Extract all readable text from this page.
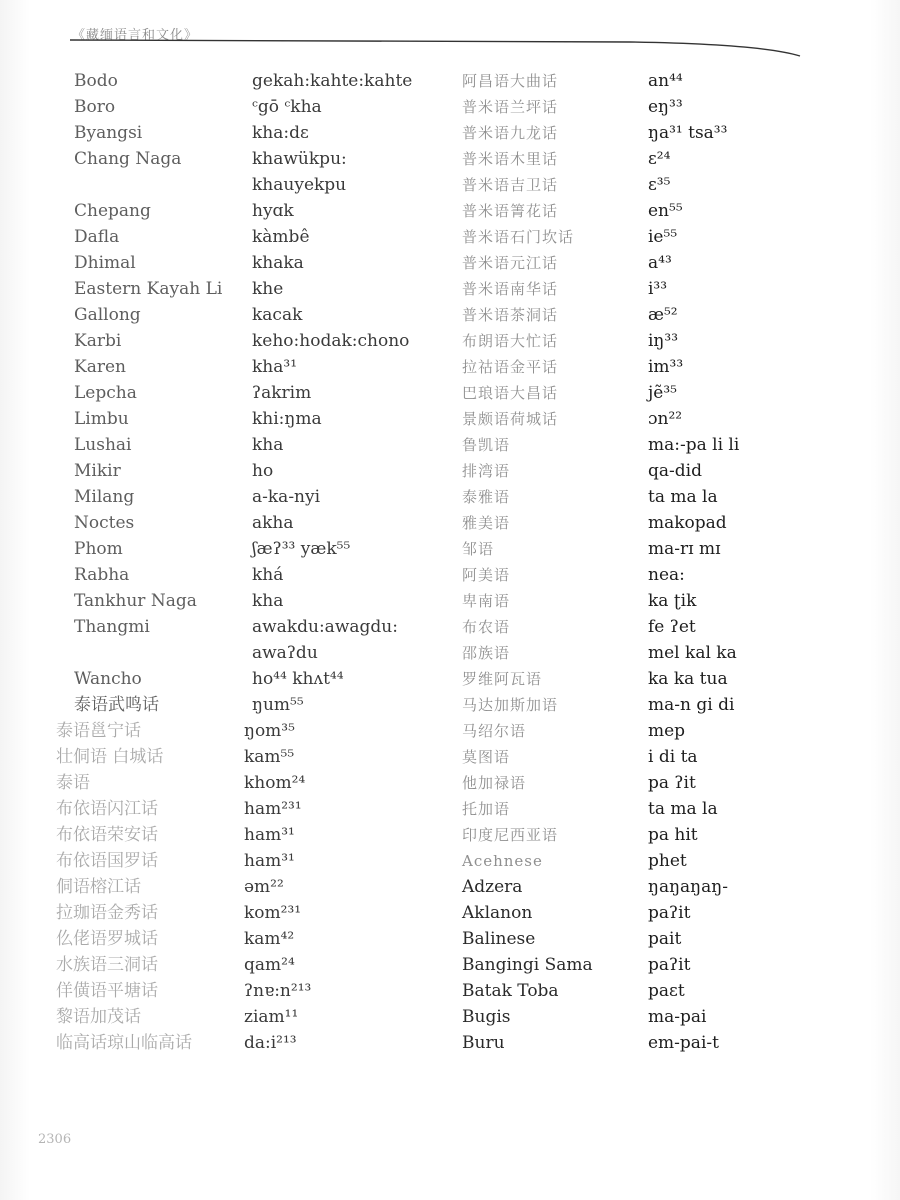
《藏缅语言和文化》
Bodo
Boro
Byangsi
Chang Naga
Chepang
Dafla
Dhimal
Eastern Kayah Li
Gallong
Karbi
Karen
Lepcha
Limbu
Lushai
Mikir
Milang
Noctes
Phom
Rabha
Tankhur Naga
Thangmi
Wancho
泰语武鸣话
泰语邕宁话
壮侗语 白城话
泰语
布依语闪江话
布依语荣安话
布依语国罗话
侗语榕江话
拉珈语金秀话
仫佬语罗城话
水族语三洞话
佯僙语平塘话
黎语加茂话
临高话琼山临高话
gekah:kahte:kahte
ᶜgō ᶜkha
kha:dɛ
khawükpu:
khauyekpu
hyɑk
kàmbê
khaka
khe
kacak
keho:hodak:chono
kha³¹
ʔakrim
khi:ŋma
kha
ho
a-ka-nyi
akha
ʃæʔ³³ yæk⁵⁵
khá
kha
awakdu:awagdu:
awaʔdu
ho⁴⁴ khʌt⁴⁴
ŋum⁵⁵
ŋom³⁵
kam⁵⁵
khom²⁴
ham²³¹
ham³¹
ham³¹
əm²²
kom²³¹
kam⁴²
qam²⁴
ʔnɐ:n²¹³
ziam¹¹
da:i²¹³
阿昌语大曲话
普米语兰坪话
普米语九龙话
普米语木里话
普米语吉卫话
普米语箐花话
普米语石门坎话
普米语元江话
普米语南华话
普米语茶洞话
布朗语大忙话
拉祜语金平话
巴琅语大昌话
景颇语荷城话
鲁凯语
排湾语
泰雅语
雅美语
邹语
阿美语
卑南语
布农语
邵族语
罗维阿瓦语
马达加斯加语
马绍尔语
莫图语
他加禄语
托加语
印度尼西亚语
Acehnese
Adzera
Aklanon
Balinese
Bangingi Sama
Batak Toba
Bugis
Buru
an⁴⁴
eŋ³³
ŋa³¹ tsa³³
ɛ²⁴
ɛ³⁵
en⁵⁵
ie⁵⁵
a⁴³
i³³
æ⁵²
iŋ³³
im³³
jẽ³⁵
ɔn²²
ma:-pa li li
qa-did
ta ma la
makopad
ma-rɪ mɪ
nea:
ka ʈik
fe ʔet
mel kal ka
ka ka tua
ma-n gi di
mep
i di ta
pa ʔit
ta ma la
pa hit
phet
ŋaŋaŋaŋ-
paʔit
pait
paʔit
paɛt
ma-pai
em-pai-t
2306
